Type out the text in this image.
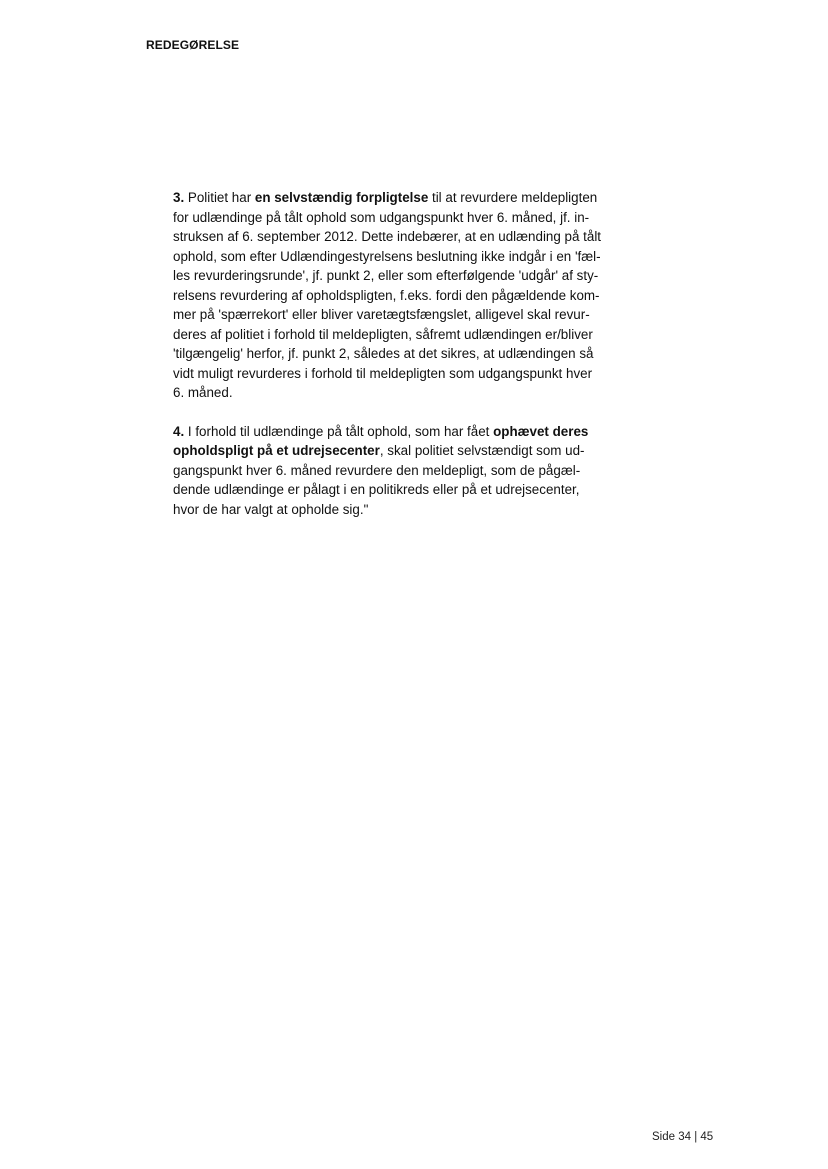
REDEGØRELSE
3. Politiet har en selvstændig forpligtelse til at revurdere meldepligten
for udlændinge på tålt ophold som udgangspunkt hver 6. måned, jf. in-
struksen af 6. september 2012. Dette indebærer, at en udlænding på tålt
ophold, som efter Udlændingestyrelsens beslutning ikke indgår i en 'fæl-
les revurderingsrunde', jf. punkt 2, eller som efterfølgende 'udgår' af sty-
relsens revurdering af opholdspligten, f.eks. fordi den pågældende kom-
mer på 'spærrekort' eller bliver varetægtsfængslet, alligevel skal revur-
deres af politiet i forhold til meldepligten, såfremt udlændingen er/bliver
'tilgængelig' herfor, jf. punkt 2, således at det sikres, at udlændingen så
vidt muligt revurderes i forhold til meldepligten som udgangspunkt hver
6. måned.
4. I forhold til udlændinge på tålt ophold, som har fået ophævet deres
opholdspligt på et udrejsecenter, skal politiet selvstændigt som ud-
gangspunkt hver 6. måned revurdere den meldepligt, som de pågæl-
dende udlændinge er pålagt i en politikreds eller på et udrejsecenter,
hvor de har valgt at opholde sig."
Side 34 | 45
